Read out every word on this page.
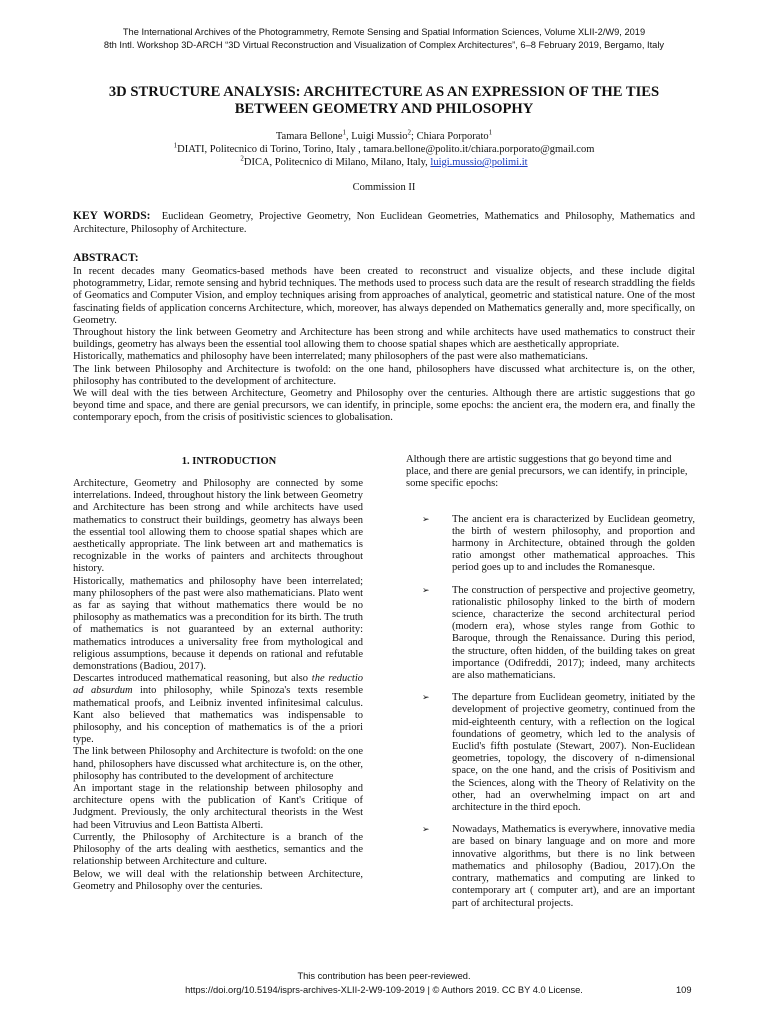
The International Archives of the Photogrammetry, Remote Sensing and Spatial Information Sciences, Volume XLII-2/W9, 2019
8th Intl. Workshop 3D-ARCH “3D Virtual Reconstruction and Visualization of Complex Architectures”, 6–8 February 2019, Bergamo, Italy
3D STRUCTURE ANALYSIS: ARCHITECTURE AS AN EXPRESSION OF THE TIES
BETWEEN GEOMETRY AND PHILOSOPHY
Tamara Bellone$^1$, Luigi Mussio$^2$; Chiara Porporato$^1$
$^1$DIATI, Politecnico di Torino, Torino, Italy , tamara.bellone@polito.it/chiara.porporato@gmail.com
$^2$DICA, Politecnico di Milano, Milano, Italy, luigi.mussio@polimi.it
Commission II
KEY WORDS: Euclidean Geometry, Projective Geometry, Non Euclidean Geometries, Mathematics and Philosophy, Mathematics and Architecture, Philosophy of Architecture.
ABSTRACT:

In recent decades many Geomatics-based methods have been created to reconstruct and visualize objects, and these include digital photogrammetry, Lidar, remote sensing and hybrid techniques. The methods used to process such data are the result of research straddling the fields of Geomatics and Computer Vision, and employ techniques arising from approaches of analytical, geometric and statistical nature. One of the most fascinating fields of application concerns Architecture, which, moreover, has always depended on Mathematics generally and, more specifically, on Geometry.

Throughout history the link between Geometry and Architecture has been strong and while architects have used mathematics to construct their buildings, geometry has always been the essential tool allowing them to choose spatial shapes which are aesthetically appropriate.

Historically, mathematics and philosophy have been interrelated; many philosophers of the past were also mathematicians.

The link between Philosophy and Architecture is twofold: on the one hand, philosophers have discussed what architecture is, on the other, philosophy has contributed to the development of architecture.

We will deal with the ties between Architecture, Geometry and Philosophy over the centuries. Although there are artistic suggestions that go beyond time and space, and there are genial precursors, we can identify, in principle, some epochs: the ancient era, the modern era, and finally the contemporary epoch, from the crisis of positivistic sciences to globalisation.

1. INTRODUCTION

Architecture, Geometry and Philosophy are connected by some interrelations. Indeed, throughout history the link between Geometry and Architecture has been strong and while architects have used mathematics to construct their buildings, geometry has always been the essential tool allowing them to choose spatial shapes which are aesthetically appropriate. The link between art and mathematics is recognizable in the works of painters and architects throughout history.

Historically, mathematics and philosophy have been interrelated; many philosophers of the past were also mathematicians. Plato went as far as saying that without mathematics there would be no philosophy as mathematics was a precondition for its birth. The truth of mathematics is not guaranteed by an external authority: mathematics introduces a universality free from mythological and religious assumptions, because it depends on rational and refutable demonstrations (Badiou, 2017).

Descartes introduced mathematical reasoning, but also the reductio ad absurdum into philosophy, while Spinoza's texts resemble mathematical proofs, and Leibniz invented infinitesimal calculus. Kant also believed that mathematics was indispensable to philosophy, and his conception of mathematics is of the a priori type.

The link between Philosophy and Architecture is twofold: on the one hand, philosophers have discussed what architecture is, on the other, philosophy has contributed to the development of architecture

An important stage in the relationship between philosophy and architecture opens with the publication of Kant's Critique of Judgment. Previously, the only architectural theorists in the West had been Vitruvius and Leon Battista Alberti.

Currently, the Philosophy of Architecture is a branch of the Philosophy of the arts dealing with aesthetics, semantics and the relationship between Architecture and culture.

Below, we will deal with the relationship between Architecture, Geometry and Philosophy over the centuries.

Although there are artistic suggestions that go beyond time and place, and there are genial precursors, we can identify, in principle, some specific epochs:

➢ The ancient era is characterized by Euclidean geometry, the birth of western philosophy, and proportion and harmony in Architecture, obtained through the golden ratio amongst other mathematical approaches. This period goes up to and includes the Romanesque.
➢ The construction of perspective and projective geometry, rationalistic philosophy linked to the birth of modern science, characterize the second architectural period (modern era), whose styles range from Gothic to Baroque, through the Renaissance. During this period, the structure, often hidden, of the building takes on great importance (Odifreddi, 2017); indeed, many architects are also mathematicians.
➢ The departure from Euclidean geometry, initiated by the development of projective geometry, continued from the mid-eighteenth century, with a reflection on the logical foundations of geometry, which led to the analysis of Euclid's fifth postulate (Stewart, 2007). Non-Euclidean geometries, topology, the discovery of n-dimensional space, on the one hand, and the crisis of Positivism and the Sciences, along with the Theory of Relativity on the other, had an overwhelming impact on art and architecture in the third epoch.
➢ Nowadays, Mathematics is everywhere, innovative media are based on binary language and on more and more innovative algorithms, but there is no link between mathematics and philosophy (Badiou, 2017).On the contrary, mathematics and computing are linked to contemporary art ( computer art), and are an important part of architectural projects.
This contribution has been peer-reviewed.
https://doi.org/10.5194/isprs-archives-XLII-2-W9-109-2019 | © Authors 2019. CC BY 4.0 License.	109
